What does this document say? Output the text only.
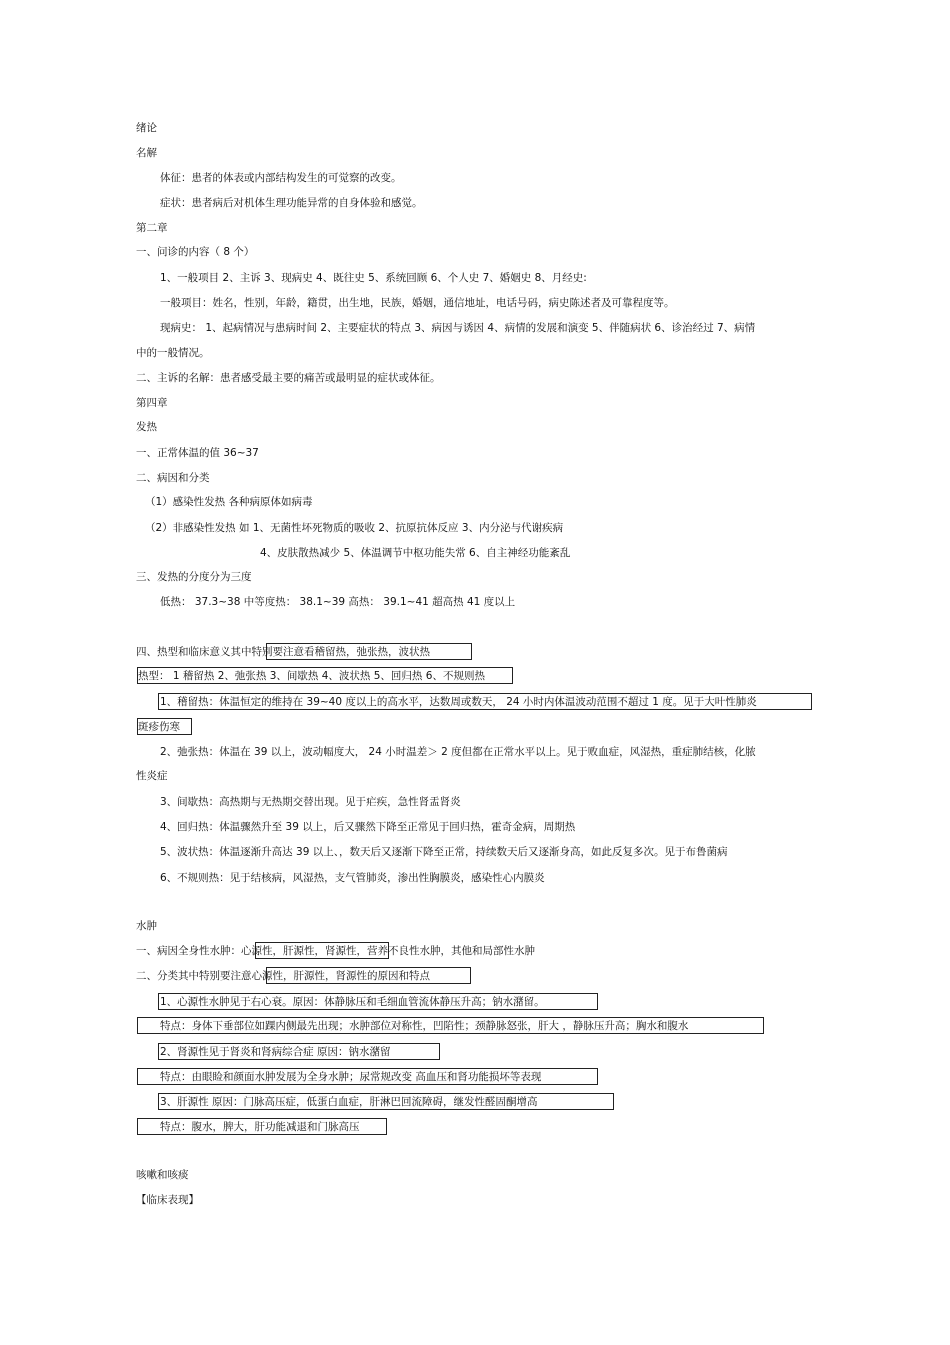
绪论
名解
体征：患者的体表或内部结构发生的可觉察的改变。
症状：患者病后对机体生理功能异常的自身体验和感觉。
第二章
一、问诊的内容（ 8 个）
1、一般项目 2、主诉 3、现病史 4、既往史 5、系统回顾 6、个人史 7、婚姻史 8、月经史:
一般项目：姓名，性别，年龄，籍贯，出生地，民族，婚姻，通信地址，电话号码，病史陈述者及可靠程度等。
现病史： 1、起病情况与患病时间 2、主要症状的特点 3、病因与诱因 4、病情的发展和演变 5、伴随病状 6、诊治经过 7、病情
中的一般情况。
二、主诉的名解：患者感受最主要的痛苦或最明显的症状或体征。
第四章
发热
一、正常体温的值 36~37
二、病因和分类
（1）感染性发热 各种病原体如病毒
（2）非感染性发热 如 1、无菌性坏死物质的吸收 2、抗原抗体反应 3、内分泌与代谢疾病
4、皮肤散热减少 5、体温调节中枢功能失常 6、自主神经功能紊乱
三、发热的分度分为三度
低热： 37.3~38 中等度热： 38.1~39 高热： 39.1~41 超高热 41 度以上
四、热型和临床意义其中特别要注意看稽留热，弛张热，波状热
热型： 1 稽留热 2、弛张热 3、间歇热 4、波状热 5、回归热 6、不规则热
1、稽留热：体温恒定的维持在 39~40 度以上的高水平，达数周或数天， 24 小时内体温波动范围不超过 1 度。见于大叶性肺炎
斑疹伤寒
2、弛张热：体温在 39 以上，波动幅度大， 24 小时温差＞ 2 度但都在正常水平以上。见于败血症，风湿热，重症肺结核，化脓
性炎症
3、间歇热：高热期与无热期交替出现。见于疟疾，急性肾盂肾炎
4、回归热：体温骤然升至 39 以上，后又骤然下降至正常见于回归热，霍奇金病，周期热
5、波状热：体温逐渐升高达 39 以上、，数天后又逐渐下降至正常，持续数天后又逐渐身高，如此反复多次。见于布鲁菌病
6、不规则热：见于结核病，风湿热，支气管肺炎，渗出性胸膜炎，感染性心内膜炎
水肿
一、病因全身性水肿：心源性，肝源性，肾源性，营养不良性水肿，其他和局部性水肿
二、分类其中特别要注意心源性，肝源性，肾源性的原因和特点
1、心源性水肿见于右心衰。原因：体静脉压和毛细血管流体静压升高；钠水潴留。
特点：身体下垂部位如踝内侧最先出现；水肿部位对称性，凹陷性；颈静脉怒张，肝大 ，静脉压升高；胸水和腹水
2、肾源性见于肾炎和肾病综合症 原因：钠水潴留
特点：由眼睑和颜面水肿发展为全身水肿；尿常规改变 高血压和肾功能损坏等表现
3、肝源性 原因：门脉高压症，低蛋白血症，肝淋巴回流障碍，继发性醛固酮增高
特点：腹水，脾大，肝功能减退和门脉高压
咳嗽和咳痰
【临床表现】
